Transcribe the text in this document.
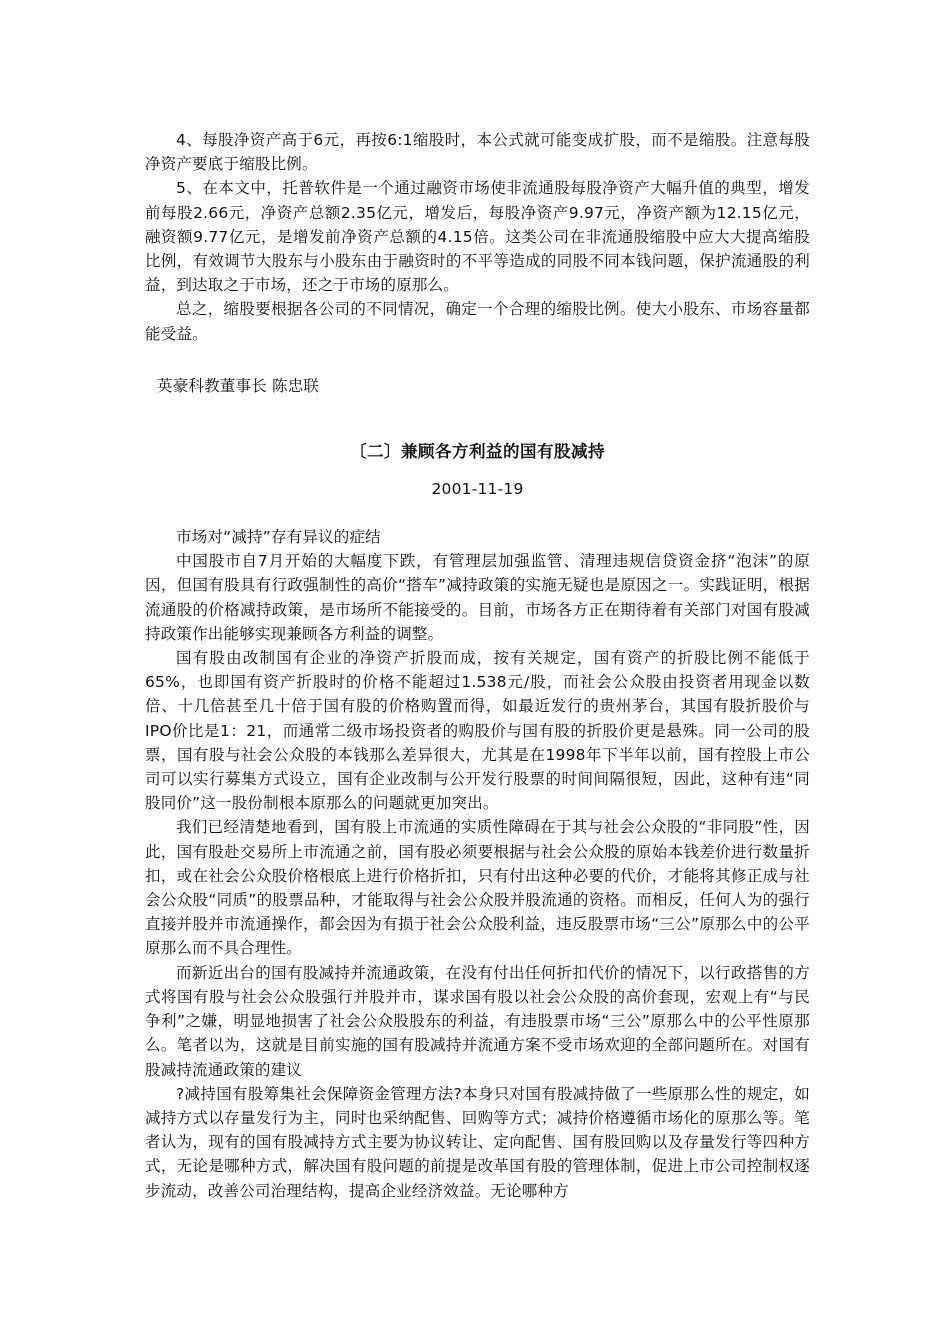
4、每股净资产高于6元，再按6:1缩股时，本公式就可能变成扩股，而不是缩股。注意每股净资产要底于缩股比例。

5、在本文中，托普软件是一个通过融资市场使非流通股每股净资产大幅升值的典型，增发前每股2.66元，净资产总额2.35亿元，增发后，每股净资产9.97元，净资产额为12.15亿元，融资额9.77亿元，是增发前净资产总额的4.15倍。这类公司在非流通股缩股中应大大提高缩股比例，有效调节大股东与小股东由于融资时的不平等造成的同股不同本钱问题，保护流通股的利益，到达取之于市场，还之于市场的原那么。

总之，缩股要根据各公司的不同情况，确定一个合理的缩股比例。使大小股东、市场容量都能受益。

英豪科教董事长 陈忠联

〔二〕兼顾各方利益的国有股减持

2001-11-19

市场对“减持”存有异议的症结

中国股市自7月开始的大幅度下跌，有管理层加强监管、清理违规信贷资金挤“泡沫”的原因，但国有股具有行政强制性的高价“搭车”减持政策的实施无疑也是原因之一。实践证明，根据流通股的价格减持政策，是市场所不能接受的。目前，市场各方正在期待着有关部门对国有股减持政策作出能够实现兼顾各方利益的调整。

国有股由改制国有企业的净资产折股而成，按有关规定，国有资产的折股比例不能低于65%，也即国有资产折股时的价格不能超过1.538元/股，而社会公众股由投资者用现金以数倍、十几倍甚至几十倍于国有股的价格购置而得，如最近发行的贵州茅台，其国有股折股价与IPO价比是1：21，而通常二级市场投资者的购股价与国有股的折股价更是悬殊。同一公司的股票，国有股与社会公众股的本钱那么差异很大，尤其是在1998年下半年以前，国有控股上市公司可以实行募集方式设立，国有企业改制与公开发行股票的时间间隔很短，因此，这种有违“同股同价”这一股份制根本原那么的问题就更加突出。

我们已经清楚地看到，国有股上市流通的实质性障碍在于其与社会公众股的“非同股”性，因此，国有股赴交易所上市流通之前，国有股必须要根据与社会公众股的原始本钱差价进行数量折扣，或在社会公众股价格根底上进行价格折扣，只有付出这种必要的代价，才能将其修正成与社会公众股“同质”的股票品种，才能取得与社会公众股并股流通的资格。而相反，任何人为的强行直接并股并市流通操作，都会因为有损于社会公众股利益，违反股票市场“三公”原那么中的公平原那么而不具合理性。

而新近出台的国有股减持并流通政策，在没有付出任何折扣代价的情况下，以行政搭售的方式将国有股与社会公众股强行并股并市，谋求国有股以社会公众股的高价套现，宏观上有“与民争利”之嫌，明显地损害了社会公众股股东的利益，有违股票市场“三公”原那么中的公平性原那么。笔者以为，这就是目前实施的国有股减持并流通方案不受市场欢迎的全部问题所在。对国有股减持流通政策的建议

?减持国有股筹集社会保障资金管理方法?本身只对国有股减持做了一些原那么性的规定，如减持方式以存量发行为主，同时也采纳配售、回购等方式；减持价格遵循市场化的原那么等。笔者认为，现有的国有股减持方式主要为协议转让、定向配售、国有股回购以及存量发行等四种方式，无论是哪种方式，解决国有股问题的前提是改革国有股的管理体制，促进上市公司控制权逐步流动，改善公司治理结构，提高企业经济效益。无论哪种方
